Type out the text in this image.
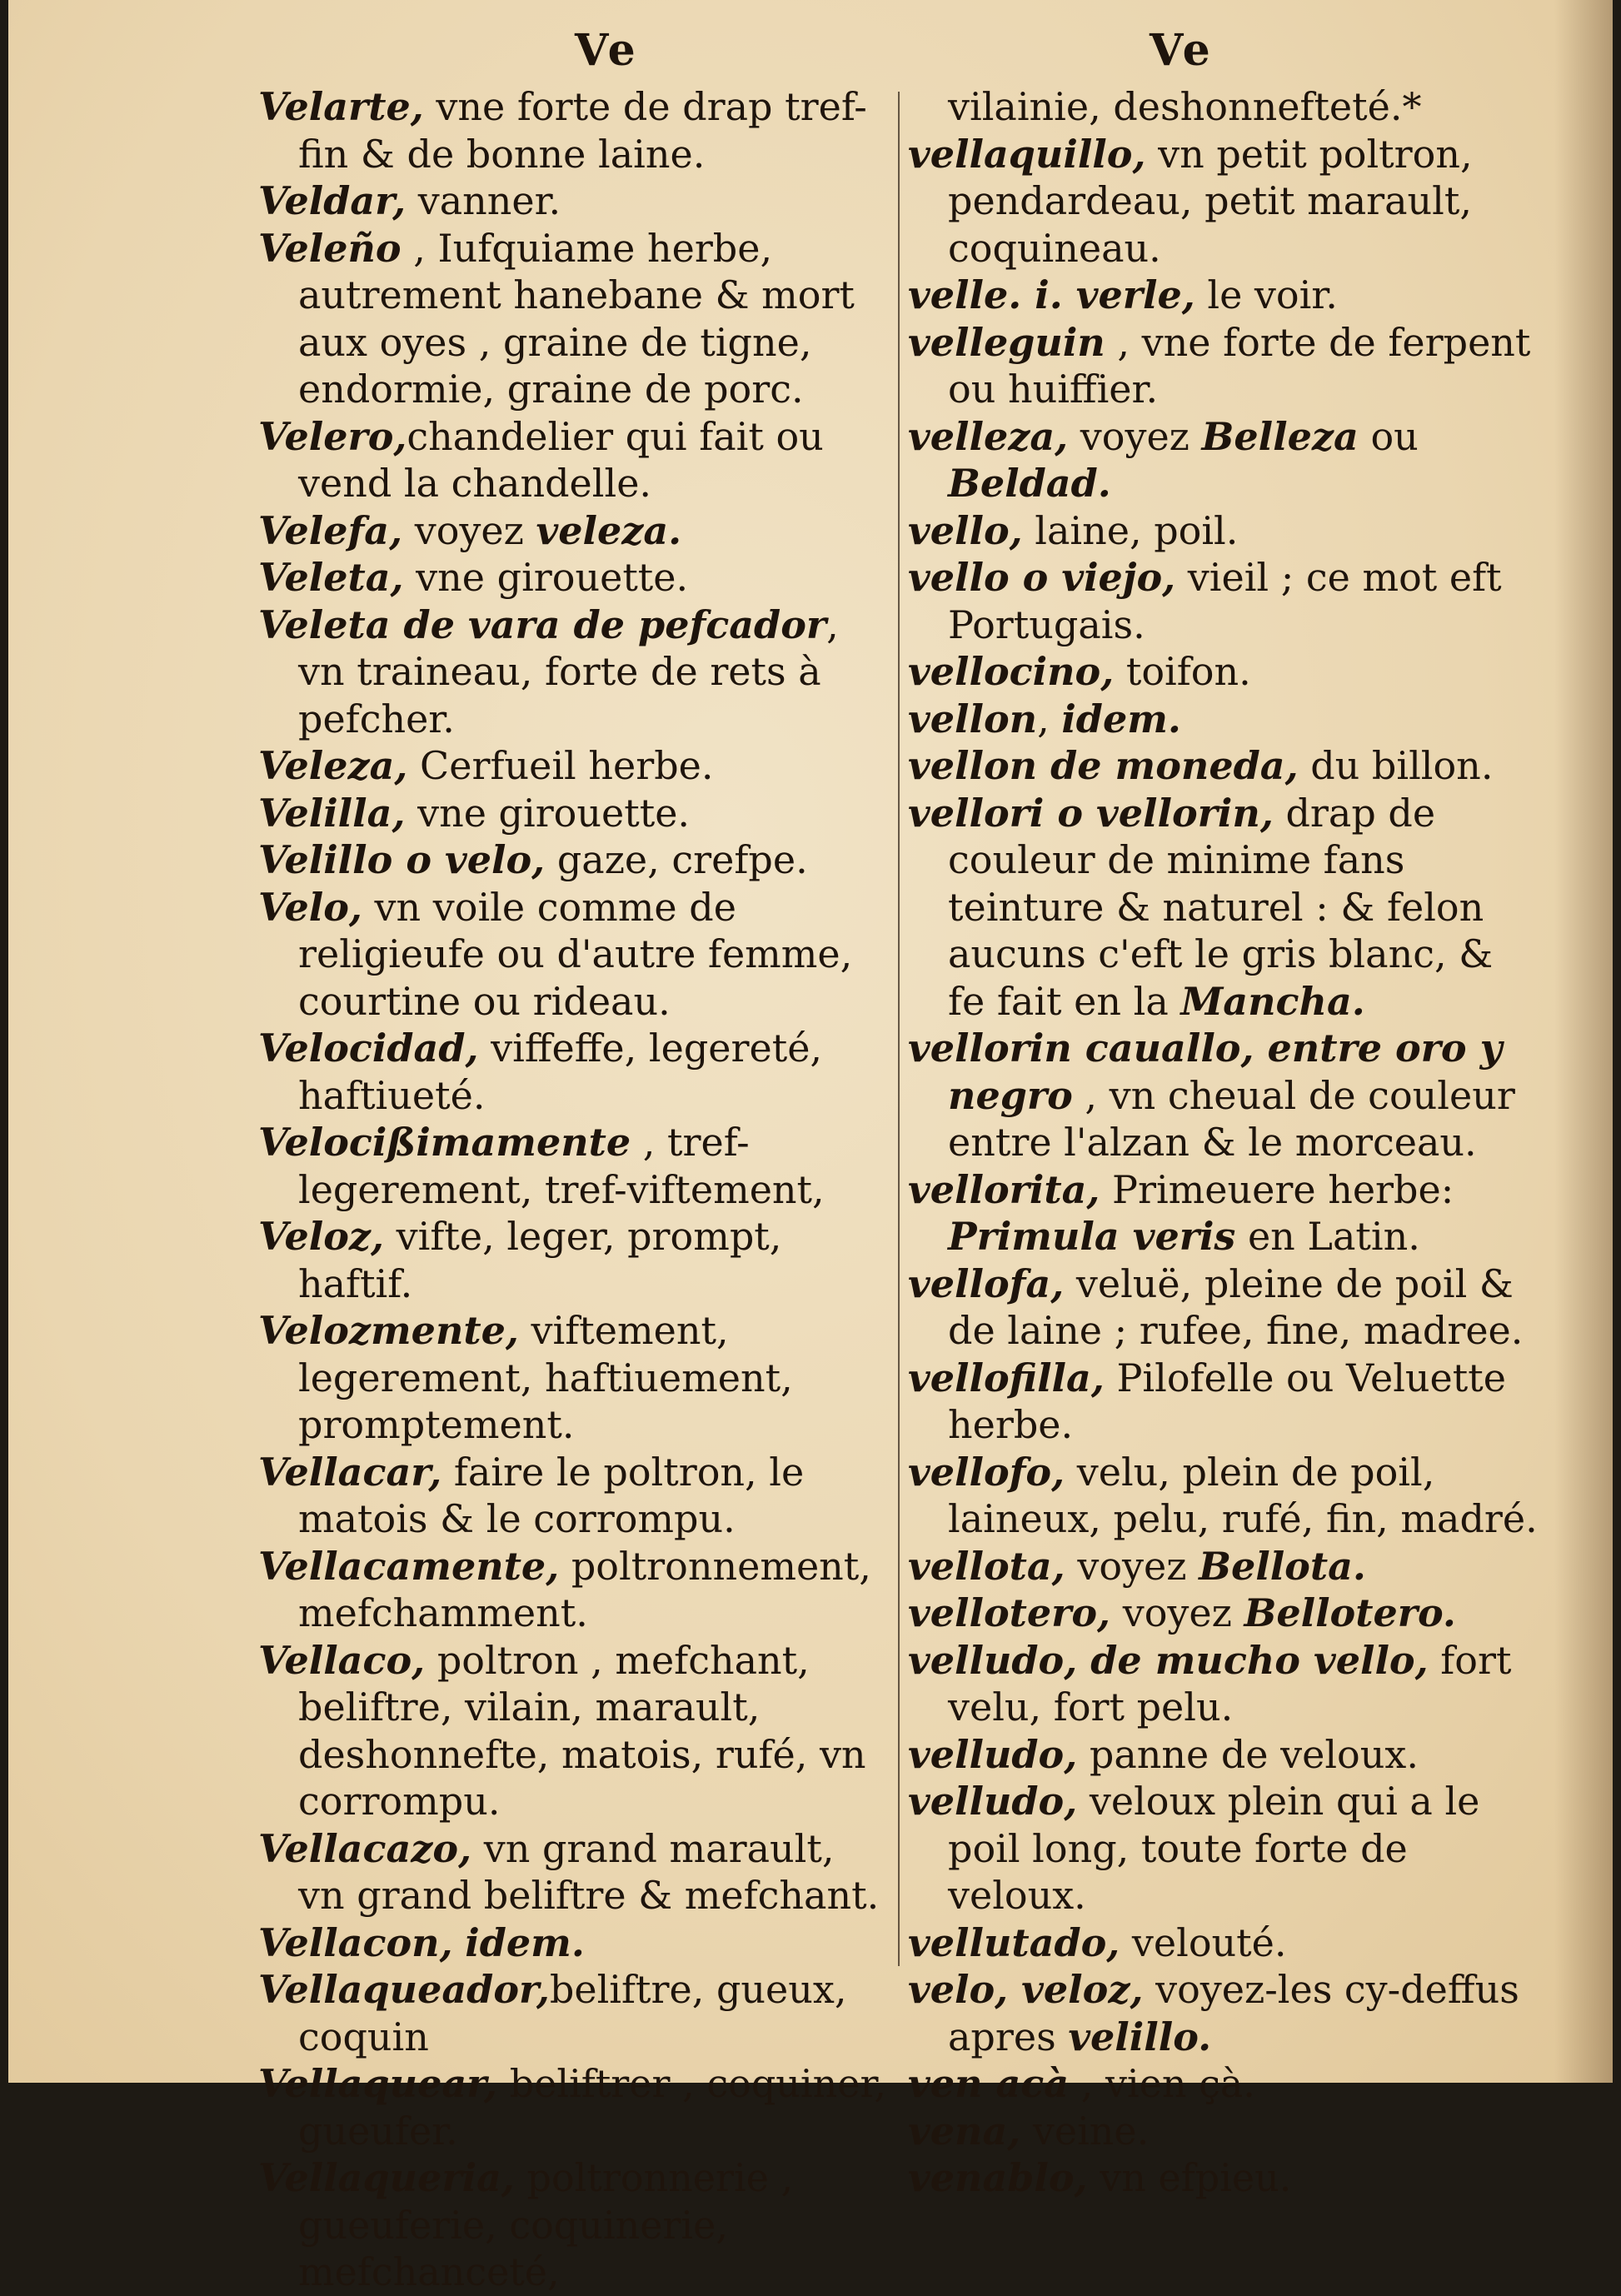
Ve	Ve
Velarte, vne forte de drap tref-fin & de bonne laine.
Veldar, vanner.
Veleño , Iufquiame herbe, autrement hanebane & mort aux oyes , graine de tigne, endormie, graine de porc.
Velero,chandelier qui fait ou vend la chandelle.
Velefa, voyez veleza.
Veleta, vne girouette.
Veleta de vara de pefcador, vn traineau, forte de rets à pefcher.
Veleza, Cerfueil herbe.
Velilla, vne girouette.
Velillo o velo, gaze, crefpe.
Velo, vn voile comme de religieufe ou d'autre femme, courtine ou rideau.
Velocidad, viffeffe, legereté, haftiueté.
Velocißimamente , tref-legerement, tref-viftement,
Veloz, vifte, leger, prompt, haftif.
Velozmente, viftement, legerement, haftiuement, promptement.
Vellacar, faire le poltron, le matois & le corrompu.
Vellacamente, poltronnement, mefchamment.
Vellaco, poltron , mefchant, beliftre, vilain, marault, deshonnefte, matois, rufé, vn corrompu.
Vellacazo, vn grand marault, vn grand beliftre & mefchant.
Vellacon, idem.
Vellaqueador,beliftre, gueux, coquin
Vellaquear, beliftrer , coquiner, gueufer.
Vellaqueria, poltronnerie , gueuferie, coquinerie, mefchanceté,
vilainie, deshonnefteté.*
vellaquillo, vn petit poltron, pendardeau, petit marault, coquineau.
velle. i. verle, le voir.
velleguin , vne forte de ferpent ou huiffier.
velleza, voyez Belleza ou Beldad.
vello, laine, poil.
vello o viejo, vieil ; ce mot eft Portugais.
vellocino, toifon.
vellon, idem.
vellon de moneda, du billon.
vellori o vellorin, drap de couleur de minime fans teinture & naturel : & felon aucuns c'eft le gris blanc, & fe fait en la Mancha.
vellorin cauallo, entre oro y negro , vn cheual de couleur entre l'alzan & le morceau.
vellorita, Primeuere herbe: Primula veris en Latin.
vellofa, veluë, pleine de poil & de laine ; rufee, fine, madree.
vellofilla, Pilofelle ou Veluette herbe.
vellofo, velu, plein de poil, laineux, pelu, rufé, fin, madré.
vellota, voyez Bellota.
vellotero, voyez Bellotero.
velludo, de mucho vello, fort velu, fort pelu.
velludo, panne de veloux.
velludo, veloux plein qui a le poil long, toute forte de veloux.
vellutado, velouté.
velo, veloz, voyez-les cy-deffus apres velillo.
ven acà , vien çà.
vena, veine.
venablo, vn efpieu.
